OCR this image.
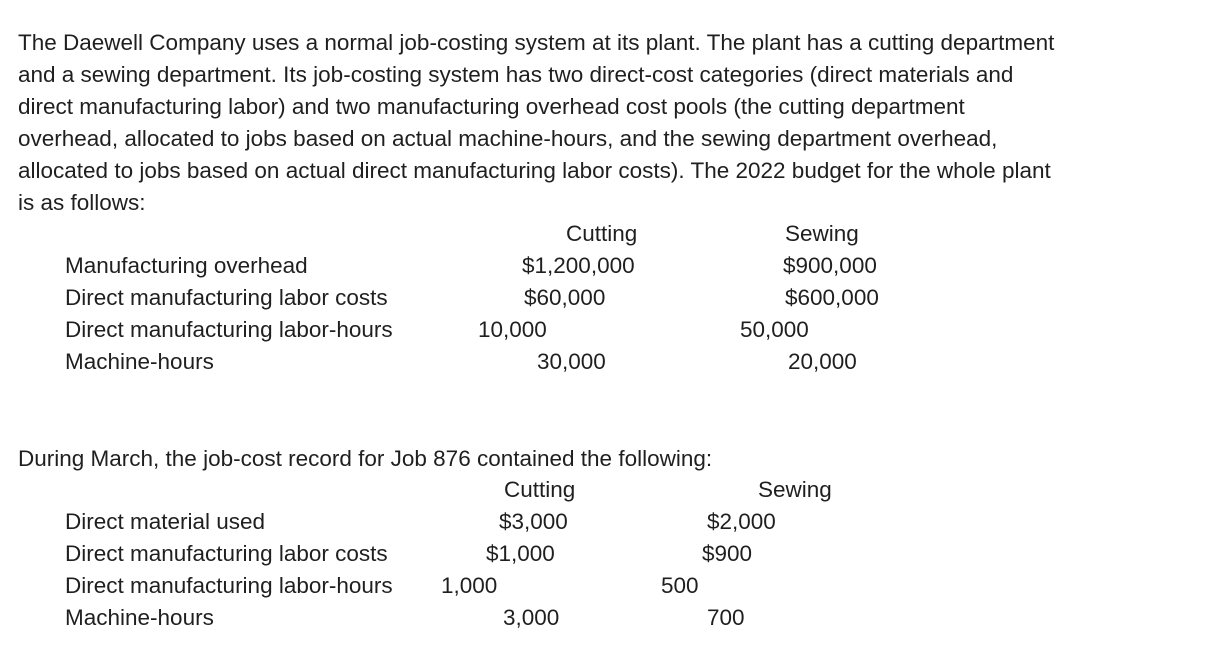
The Daewell Company uses a normal job-costing system at its plant. The plant has a cutting department
and a sewing department. Its job-costing system has two direct-cost categories (direct materials and
direct manufacturing labor) and two manufacturing overhead cost pools (the cutting department
overhead, allocated to jobs based on actual machine-hours, and the sewing department overhead,
allocated to jobs based on actual direct manufacturing labor costs). The 2022 budget for the whole plant
is as follows:
Cutting	Sewing
Manufacturing overhead	$1,200,000	$900,000
Direct manufacturing labor costs	$60,000	$600,000
Direct manufacturing labor-hours	10,000	50,000
Machine-hours	30,000	20,000
During March, the job-cost record for Job 876 contained the following:
Cutting	Sewing
Direct material used	$3,000	$2,000
Direct manufacturing labor costs	$1,000	$900
Direct manufacturing labor-hours 1,000	500
Machine-hours	3,000	700
